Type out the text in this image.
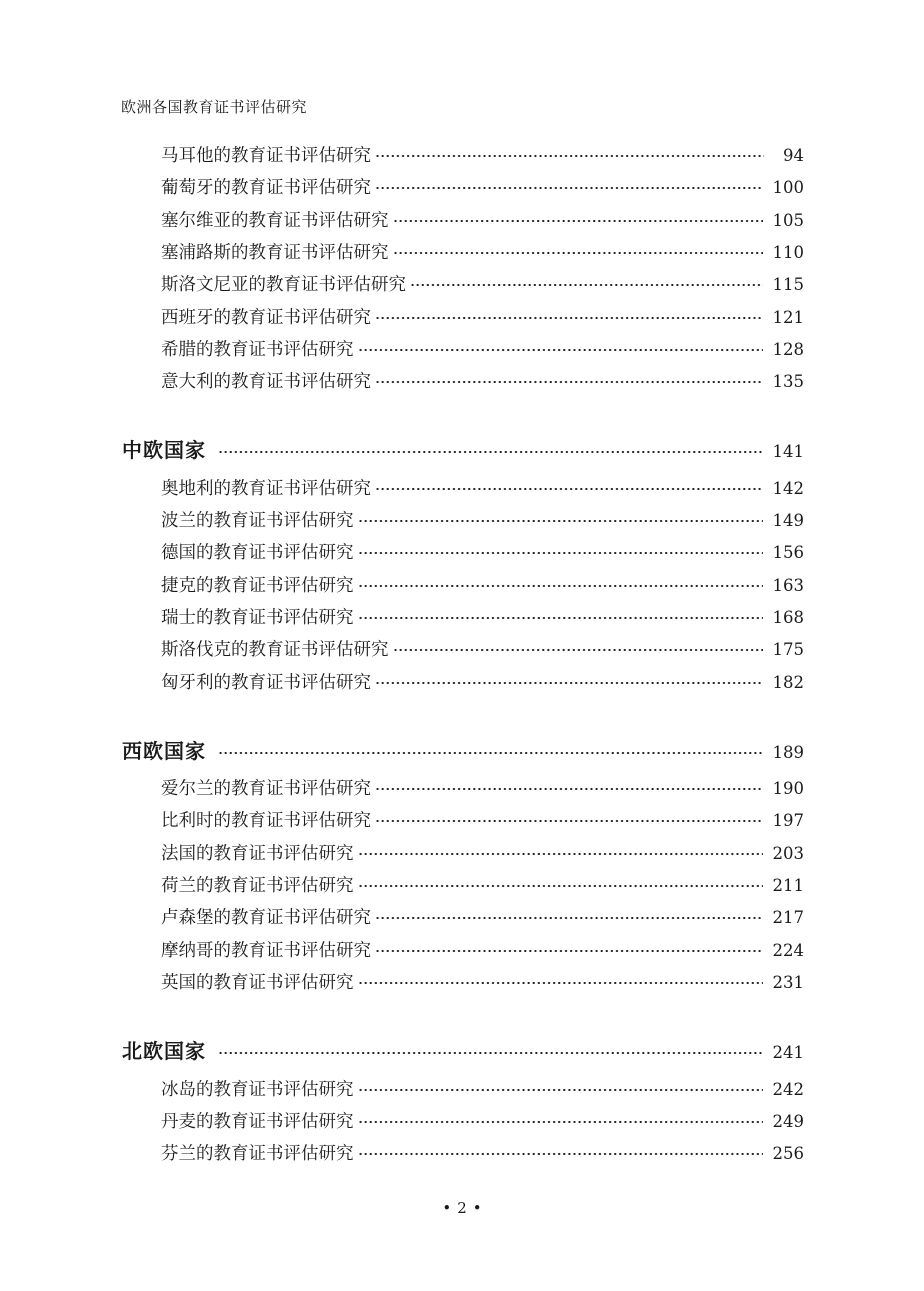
欧洲各国教育证书评估研究
马耳他的教育证书评估研究	94
葡萄牙的教育证书评估研究	100
塞尔维亚的教育证书评估研究	105
塞浦路斯的教育证书评估研究	110
斯洛文尼亚的教育证书评估研究	115
西班牙的教育证书评估研究	121
希腊的教育证书评估研究	128
意大利的教育证书评估研究	135
中欧国家	141
奥地利的教育证书评估研究	142
波兰的教育证书评估研究	149
德国的教育证书评估研究	156
捷克的教育证书评估研究	163
瑞士的教育证书评估研究	168
斯洛伐克的教育证书评估研究	175
匈牙利的教育证书评估研究	182
西欧国家	189
爱尔兰的教育证书评估研究	190
比利时的教育证书评估研究	197
法国的教育证书评估研究	203
荷兰的教育证书评估研究	211
卢森堡的教育证书评估研究	217
摩纳哥的教育证书评估研究	224
英国的教育证书评估研究	231
北欧国家	241
冰岛的教育证书评估研究	242
丹麦的教育证书评估研究	249
芬兰的教育证书评估研究	256
• 2 •
